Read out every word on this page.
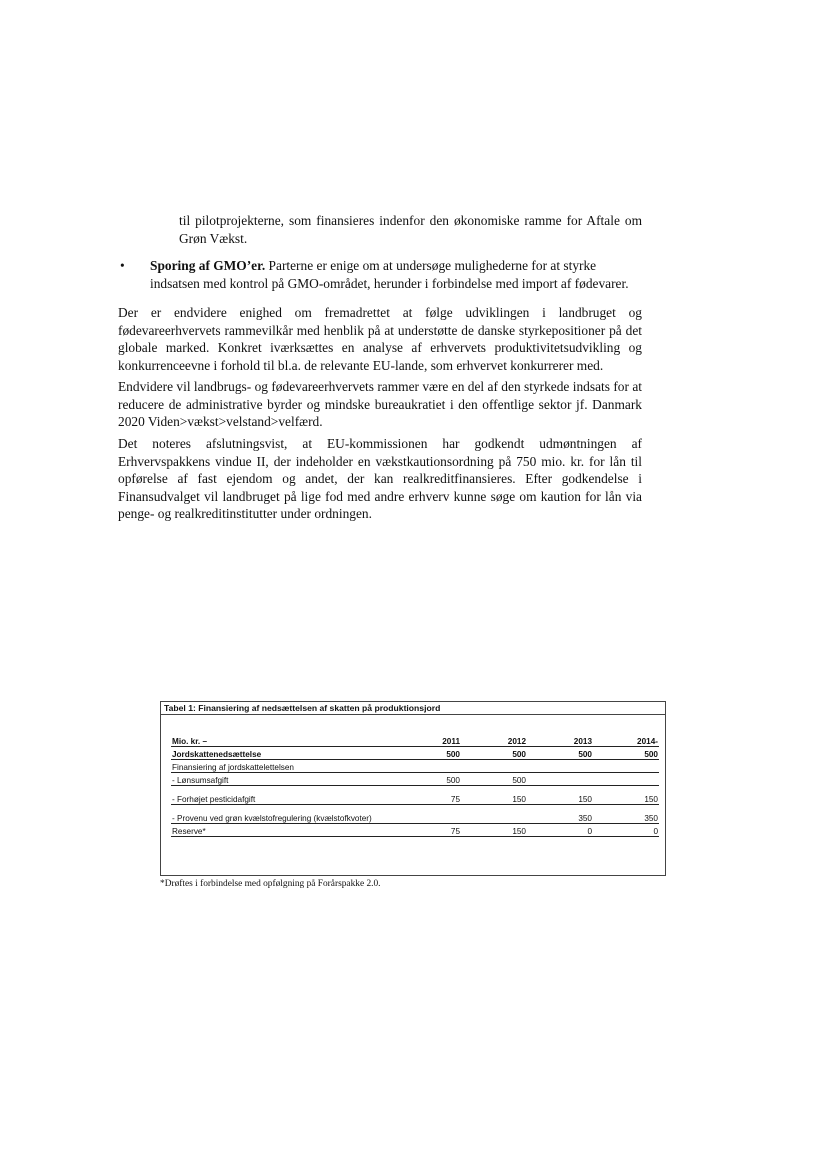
til pilotprojekterne, som finansieres indenfor den økonomiske ramme for Aftale om Grøn Vækst.

• Sporing af GMO’er. Parterne er enige om at undersøge mulighederne for at styrke indsatsen med kontrol på GMO-området, herunder i forbindelse med import af fødevarer.

Der er endvidere enighed om fremadrettet at følge udviklingen i landbruget og fødevareerhvervets rammevilkår med henblik på at understøtte de danske styrkepositioner på det globale marked. Konkret iværksættes en analyse af erhvervets produktivitetsudvikling og konkurrenceevne i forhold til bl.a. de relevante EU-lande, som erhvervet konkurrerer med.

Endvidere vil landbrugs- og fødevareerhvervets rammer være en del af den styrkede indsats for at reducere de administrative byrder og mindske bureaukratiet i den offentlige sektor jf. Danmark 2020 Viden>vækst>velstand>velfærd.

Det noteres afslutningsvist, at EU-kommissionen har godkendt udmøntningen af Erhvervspakkens vindue II, der indeholder en vækstkautionsordning på 750 mio. kr. for lån til opførelse af fast ejendom og andet, der kan realkreditfinansieres. Efter godkendelse i Finansudvalget vil landbruget på lige fod med andre erhverv kunne søge om kaution for lån via penge- og realkreditinstitutter under ordningen.

Tabel 1: Finansiering af nedsættelsen af skatten på produktionsjord
Mio. kr. –	2011	2012	2013	2014-
Jordskattenedsættelse	500	500	500	500
Finansiering af jordskattelettelsen				
- Lønsumsafgift	500	500		

- Forhøjet pesticidafgift	75	150	150	150

- Provenu ved grøn kvælstofregulering (kvælstofkvoter)			350	350
Reserve*	75	150	0	0

*Drøftes i forbindelse med opfølgning på Forårspakke 2.0.
